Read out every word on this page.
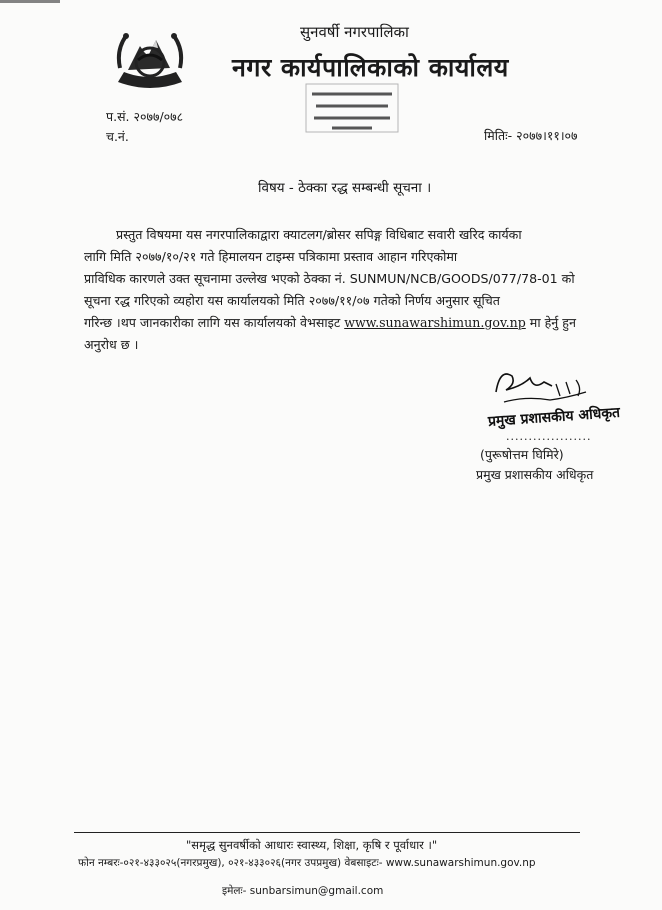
सुनवर्षी नगरपालिका
नगर कार्यपालिकाको कार्यालय
प.सं. २०७७/०७८
च.नं.	मितिः- २०७७।११।०७
विषय - ठेक्का रद्ध सम्बन्धी सूचना ।
प्रस्तुत विषयमा यस नगरपालिकाद्वारा क्याटलग/ब्रोसर सपिङ्ग विधिबाट सवारी खरिद कार्यका
लागि मिति २०७७/१०/२१ गते हिमालयन टाइम्स पत्रिकामा प्रस्ताव आहान गरिएकोमा
प्राविधिक कारणले उक्त सूचनामा उल्लेख भएको ठेक्का नं. SUNMUN/NCB/GOODS/077/78-01 को
सूचना रद्ध गरिएको व्यहोरा यस कार्यालयको मिति २०७७/११/०७ गतेको निर्णय अनुसार सूचित
गरिन्छ ।थप जानकारीका लागि यस कार्यालयको वेभसाइट www.sunawarshimun.gov.np मा हेर्नु हुन
अनुरोध छ ।
प्रमुख प्रशासकीय अधिकृत
...................
(पुरूषोत्तम घिमिरे)
प्रमुख प्रशासकीय अधिकृत
"समृद्ध सुनवर्षीको आधारः स्वास्थ्य, शिक्षा, कृषि र पूर्वाधार ।"
फोन नम्बरः-०२१-४३३०२५(नगरप्रमुख), ०२१-४३३०२६(नगर उपप्रमुख) वेबसाइटः- www.sunawarshimun.gov.np
इमेलः- sunbarsimun@gmail.com
